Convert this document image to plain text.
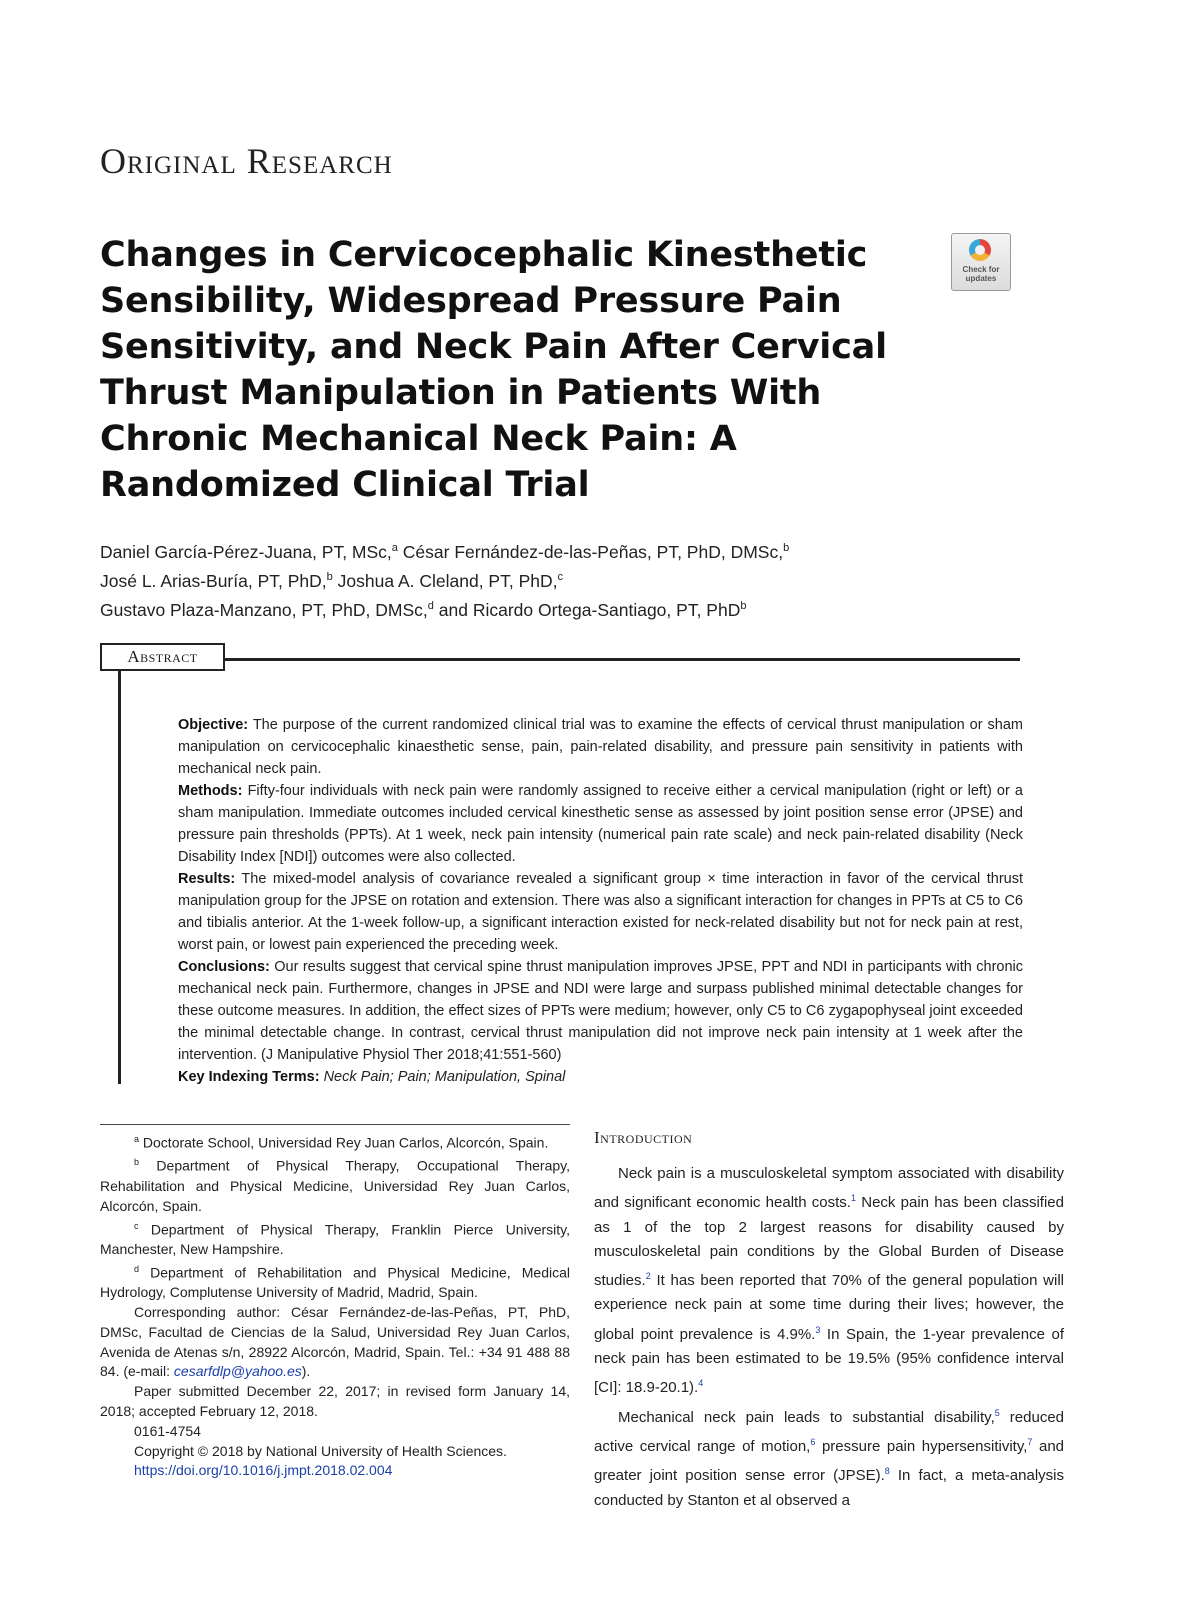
Original Research
Changes in Cervicocephalic Kinesthetic Sensibility, Widespread Pressure Pain Sensitivity, and Neck Pain After Cervical Thrust Manipulation in Patients With Chronic Mechanical Neck Pain: A Randomized Clinical Trial
Check for updates
Daniel García-Pérez-Juana, PT, MSc,$^a$ César Fernández-de-las-Peñas, PT, PhD, DMSc,$^b$
José L. Arias-Buría, PT, PhD,$^b$ Joshua A. Cleland, PT, PhD,$^c$
Gustavo Plaza-Manzano, PT, PhD, DMSc,$^d$ and Ricardo Ortega-Santiago, PT, PhD$^b$
Abstract

Objective: The purpose of the current randomized clinical trial was to examine the effects of cervical thrust manipulation or sham manipulation on cervicocephalic kinaesthetic sense, pain, pain-related disability, and pressure pain sensitivity in patients with mechanical neck pain.

Methods: Fifty-four individuals with neck pain were randomly assigned to receive either a cervical manipulation (right or left) or a sham manipulation. Immediate outcomes included cervical kinesthetic sense as assessed by joint position sense error (JPSE) and pressure pain thresholds (PPTs). At 1 week, neck pain intensity (numerical pain rate scale) and neck pain-related disability (Neck Disability Index [NDI]) outcomes were also collected.

Results: The mixed-model analysis of covariance revealed a significant group × time interaction in favor of the cervical thrust manipulation group for the JPSE on rotation and extension. There was also a significant interaction for changes in PPTs at C5 to C6 and tibialis anterior. At the 1-week follow-up, a significant interaction existed for neck-related disability but not for neck pain at rest, worst pain, or lowest pain experienced the preceding week.

Conclusions: Our results suggest that cervical spine thrust manipulation improves JPSE, PPT and NDI in participants with chronic mechanical neck pain. Furthermore, changes in JPSE and NDI were large and surpass published minimal detectable changes for these outcome measures. In addition, the effect sizes of PPTs were medium; however, only C5 to C6 zygapophyseal joint exceeded the minimal detectable change. In contrast, cervical thrust manipulation did not improve neck pain intensity at 1 week after the intervention. (J Manipulative Physiol Ther 2018;41:551-560)

Key Indexing Terms: Neck Pain; Pain; Manipulation, Spinal

$^a$ Doctorate School, Universidad Rey Juan Carlos, Alcorcón, Spain.

$^b$ Department of Physical Therapy, Occupational Therapy, Rehabilitation and Physical Medicine, Universidad Rey Juan Carlos, Alcorcón, Spain.

$^c$ Department of Physical Therapy, Franklin Pierce University, Manchester, New Hampshire.

$^d$ Department of Rehabilitation and Physical Medicine, Medical Hydrology, Complutense University of Madrid, Madrid, Spain.

Corresponding author: César Fernández-de-las-Peñas, PT, PhD, DMSc, Facultad de Ciencias de la Salud, Universidad Rey Juan Carlos, Avenida de Atenas s/n, 28922 Alcorcón, Madrid, Spain. Tel.: +34 91 488 88 84. (e-mail: cesarfdlp@yahoo.es).

Paper submitted December 22, 2017; in revised form January 14, 2018; accepted February 12, 2018.

0161-4754

Copyright © 2018 by National University of Health Sciences.

https://doi.org/10.1016/j.jmpt.2018.02.004

Introduction

Neck pain is a musculoskeletal symptom associated with disability and significant economic health costs.$^1$ Neck pain has been classified as 1 of the top 2 largest reasons for disability caused by musculoskeletal pain conditions by the Global Burden of Disease studies.$^2$ It has been reported that 70% of the general population will experience neck pain at some time during their lives; however, the global point prevalence is 4.9%.$^3$ In Spain, the 1-year prevalence of neck pain has been estimated to be 19.5% (95% confidence interval [CI]: 18.9-20.1).$^4$

Mechanical neck pain leads to substantial disability,$^5$ reduced active cervical range of motion,$^6$ pressure pain hypersensitivity,$^7$ and greater joint position sense error (JPSE).$^8$ In fact, a meta-analysis conducted by Stanton et al observed a
